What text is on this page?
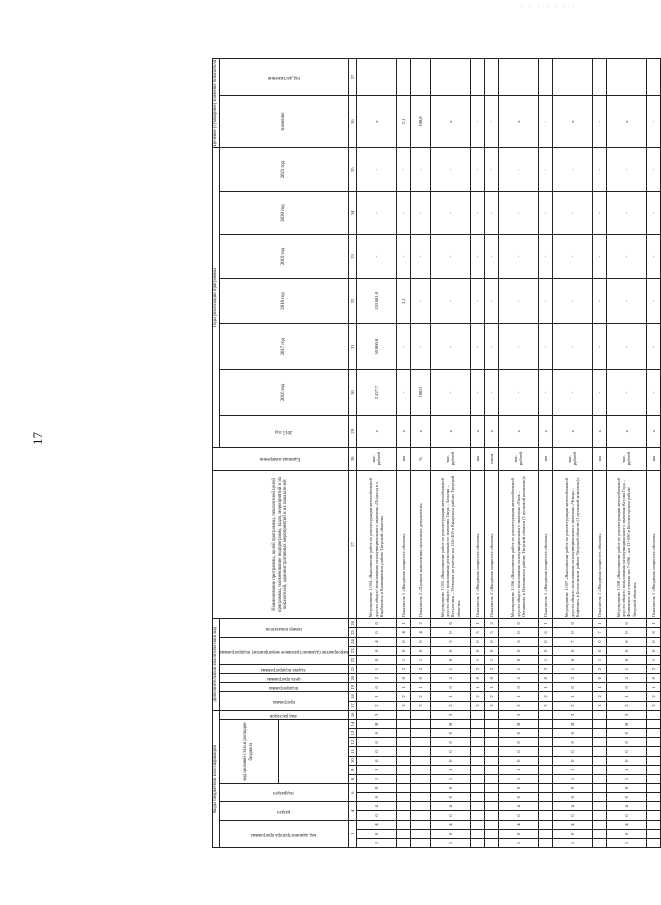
· · · · · · ·
17
Коды бюджетной классификации															Дополнительный аналитический код										Наименование программы, целей программы, показателей целей программы, наименование подпрограмм, задач, мероприятий и их показателей, административных мероприятий и их показателей	Единица измерения	Годы реализации программы							Целевое (суммарное) значение показателя	

код администратора программы			раздел		подраздел		код целевой статьи расходов бюджета							вид расходов	программа		подпрограмма	цель программы	задача подпрограммы	мероприятие (административное мероприятие) подпрограммы			номер показателя				2015 год	2016 год	2017 год	2018 год	2019 год	2020 год	2021 год	значение	год достижения

1			4		6		8	9	10	11	12	13	14	16	17	18	19	20	21	22	23	24	25	26	27	28	29	30	31	32	33	34	35	36	37
1	0	4	0	4	0	9	1	1	0	0	0	0	Н	3	2	1	0	2	1	0	0	4	0	0	Мероприятие 1.004 «Выполнение работ по реконструкции автомобильной дороги общего пользования межмуниципального значения «Подъезд к с. Кирбатово» в Калининском районе Тверской области»	тыс. рублей	х	2 427,7	50 000,0	120 881,0	-	-	-	х	
															3	2	1	0	2	1	0	0	4	1	Показатель 1 «Вводимая мощность объекта»	км	х	-	-	2,1	-	-	-	2,1	
															3	2	1	0	2	1	0	0	4	2	Показатель 2 «Процент выполнения проектных документов»	%	х	100,0	-	-	-	-	-	100,0	
1	0	4	0	4	0	9	1	1	0	0	0	0	Н	3	2	1	0	2	1	0	0	5	0	0	Мероприятие 1.005 «Выполнение работ по реконструкции автомобильной дороги общего пользования регионального значения Тверь – Бежецк – Весьегонск – Устюжна на участке км 124+400 в Кимрском районе Тверской области»	тыс. рублей	х	-	-	-	-	-	-	х	
															3	2	1	0	2	1	0	0	5	1	Показатель 1 «Вводимая мощность объекта»	км	х	-	-	-	-	-	-	-	
															3	2	1	0	2	1	0	0	5	2	Показатель 2 «Вводимая мощность объекта»	пог.м	х	-	-	-	-	-	-	-	
1	0	4	0	4	0	9	1	1	0	0	0	0	Н	3	2	1	0	2	1	0	0	6	0	0	Мероприятие 1.006 «Выполнение работ по реконструкции автомобильной дороги общего пользования межмуниципального значения «Ржев – Осташков» в Оленинском районе Тверской области (1 пусковой комплекс)»	тыс. рублей	х	-	-	-	-	-	-	х	
															3	2	1	0	2	1	0	0	6	1	Показатель 1 «Вводимая мощность объекта»	км	х	-	-	-	-	-	-	-	
1	0	4	0	4	0	9	1	1	0	0	0	0	Н	3	2	1	0	2	1	0	0	7	0	0	Мероприятие 1.007 «Выполнение работ по реконструкции автомобильной дороги общего пользования межмуниципального значения «Ченцы – Кафтино» в Бологовском районе Тверской области (1 пусковой комплекс)»	тыс. рублей	х	-	-	-	-	-	-	х	
															3	2	1	0	2	1	0	0	7	1	Показатель 1 «Вводимая мощность объекта»	км	х	-	-	-	-	-	-	-	
1	0	4	0	4	0	9	1	1	0	0	0	0	Н	3	2	1	0	2	1	0	0	8	0	0	Мероприятие 1.008 «Выполнение работ по реконструкции автомобильной дороги общего пользования межмуниципального значения Кесова Гора – Фоминское на участке км 7+996 – км 11+090 в Кесовогорском районе Тверской области»	тыс. рублей	х	-	-	-	-	-	-	х	
															3	2	1	0	2	1	0	0	8	1	Показатель 1 «Вводимая мощность объекта»	км	х	-	-	-	-	-	-	-	
